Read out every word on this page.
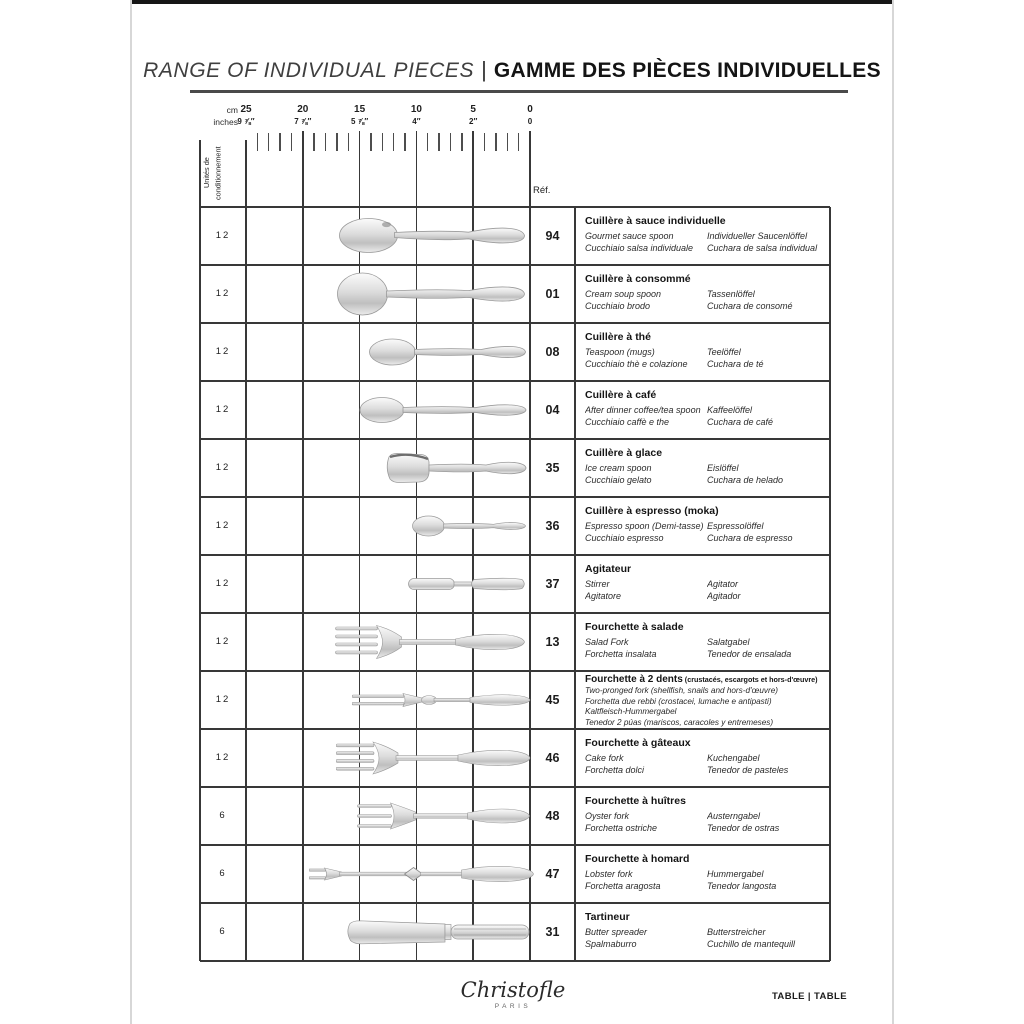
RANGE OF INDIVIDUAL PIECES | GAMME DES PIÈCES INDIVIDUELLES
cm
inches
25
9 ⅞″
20
7 ⅞″
15
5 ⅞″
10
4″
5
2″
0
0
Unités de conditionnement	Réf.
12	94
Cuillère à sauce individuelle
Gourmet sauce spoon	Individueller Saucenlöffel
Cucchiaio salsa individuale	Cuchara de salsa individual
12	01
Cuillère à consommé
Cream soup spoon	Tassenlöffel
Cucchiaio brodo	Cuchara de consomé
12	08
Cuillère à thé
Teaspoon (mugs)	Teelöffel
Cucchiaio thè e colazione	Cuchara de té
12	04
Cuillère à café
After dinner coffee/tea spoon Kaffeelöffel
Cucchiaio caffè e the	Cuchara de café
12	35
Cuillère à glace
Ice cream spoon	Eislöffel
Cucchiaio gelato	Cuchara de helado
12	36
Cuillère à espresso (moka)
Espresso spoon (Demi-tasse) Espressolöffel
Cucchiaio espresso	Cuchara de espresso
12	37
Agitateur
Stirrer	Agitator
Agitatore	Agitador
12	13
Fourchette à salade
Salad Fork	Salatgabel
Forchetta insalata	Tenedor de ensalada
12	45
Fourchette à 2 dents (crustacés, escargots et hors-d'œuvre)
Two-pronged fork (shellfish, snails and hors-d'œuvre)
Forchetta due rebbi (crostacei, lumache e antipasti)
Kaltfleisch-Hummergabel
Tenedor 2 púas (mariscos, caracoles y entremeses)
12	46
Fourchette à gâteaux
Cake fork	Kuchengabel
Forchetta dolci	Tenedor de pasteles
6	48
Fourchette à huîtres
Oyster fork	Austerngabel
Forchetta ostriche	Tenedor de ostras
6	47
Fourchette à homard
Lobster fork	Hummergabel
Forchetta aragosta	Tenedor langosta
6	31
Tartineur
Butter spreader	Butterstreicher
Spalmaburro	Cuchillo de mantequill
Christofle
PARIS
TABLE | TABLE
